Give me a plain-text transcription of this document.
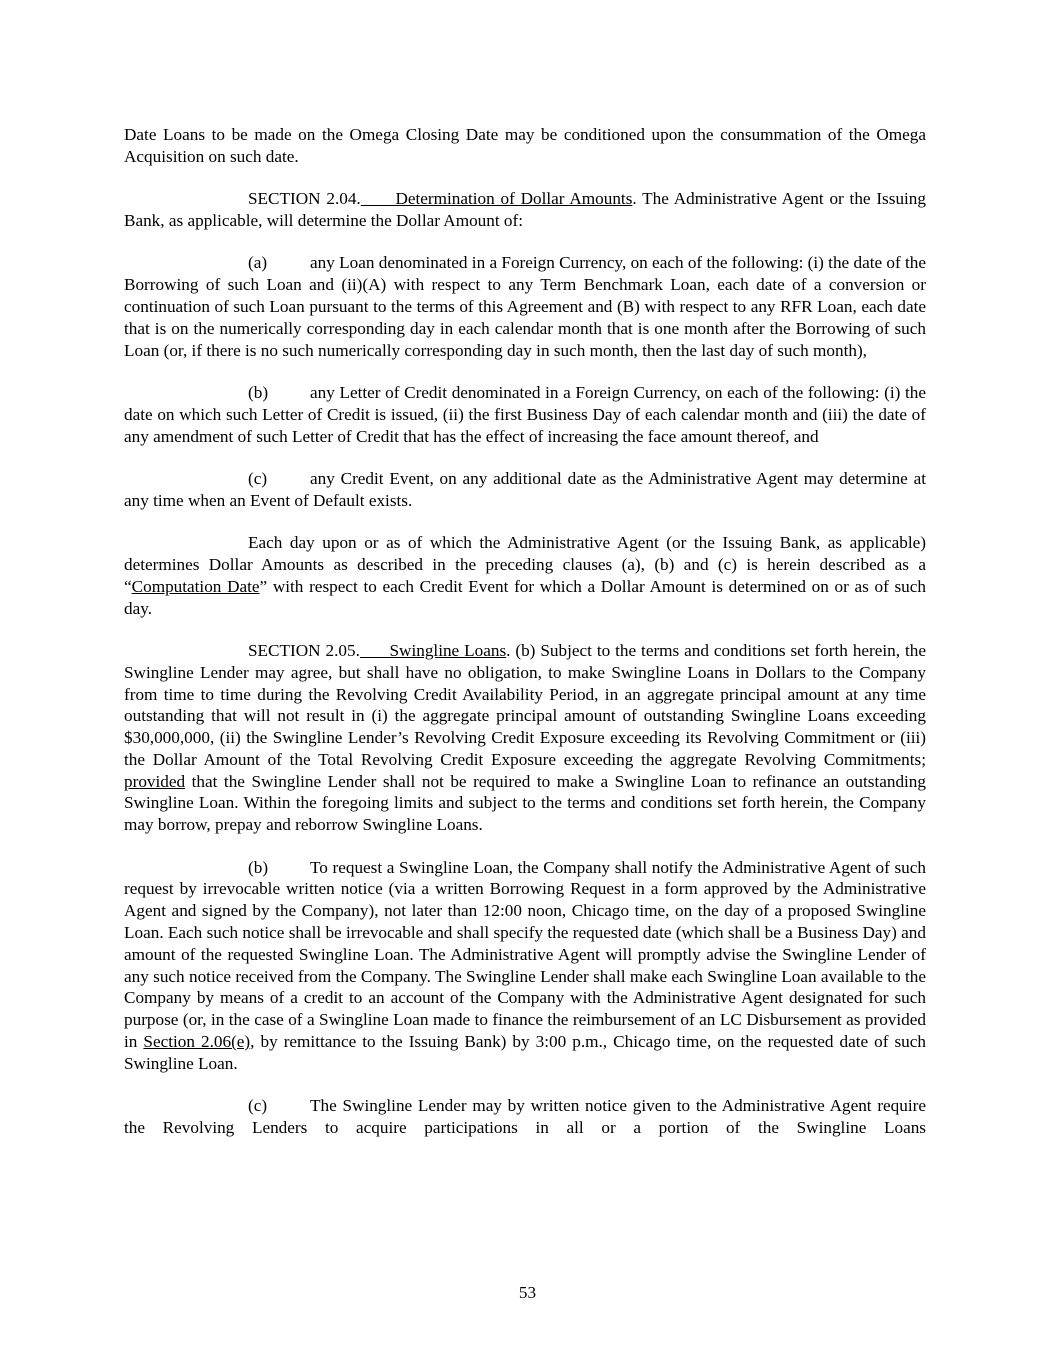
Date Loans to be made on the Omega Closing Date may be conditioned upon the consummation of the Omega Acquisition on such date.

SECTION 2.04. Determination of Dollar Amounts. The Administrative Agent or the Issuing Bank, as applicable, will determine the Dollar Amount of:

(a) any Loan denominated in a Foreign Currency, on each of the following: (i) the date of the Borrowing of such Loan and (ii)(A) with respect to any Term Benchmark Loan, each date of a conversion or continuation of such Loan pursuant to the terms of this Agreement and (B) with respect to any RFR Loan, each date that is on the numerically corresponding day in each calendar month that is one month after the Borrowing of such Loan (or, if there is no such numerically corresponding day in such month, then the last day of such month),

(b) any Letter of Credit denominated in a Foreign Currency, on each of the following: (i) the date on which such Letter of Credit is issued, (ii) the first Business Day of each calendar month and (iii) the date of any amendment of such Letter of Credit that has the effect of increasing the face amount thereof, and

(c) any Credit Event, on any additional date as the Administrative Agent may determine at any time when an Event of Default exists.

Each day upon or as of which the Administrative Agent (or the Issuing Bank, as applicable) determines Dollar Amounts as described in the preceding clauses (a), (b) and (c) is herein described as a “Computation Date” with respect to each Credit Event for which a Dollar Amount is determined on or as of such day.

SECTION 2.05. Swingline Loans. (b) Subject to the terms and conditions set forth herein, the Swingline Lender may agree, but shall have no obligation, to make Swingline Loans in Dollars to the Company from time to time during the Revolving Credit Availability Period, in an aggregate principal amount at any time outstanding that will not result in (i) the aggregate principal amount of outstanding Swingline Loans exceeding $30,000,000, (ii) the Swingline Lender’s Revolving Credit Exposure exceeding its Revolving Commitment or (iii) the Dollar Amount of the Total Revolving Credit Exposure exceeding the aggregate Revolving Commitments; provided that the Swingline Lender shall not be required to make a Swingline Loan to refinance an outstanding Swingline Loan. Within the foregoing limits and subject to the terms and conditions set forth herein, the Company may borrow, prepay and reborrow Swingline Loans.

(b) To request a Swingline Loan, the Company shall notify the Administrative Agent of such request by irrevocable written notice (via a written Borrowing Request in a form approved by the Administrative Agent and signed by the Company), not later than 12:00 noon, Chicago time, on the day of a proposed Swingline Loan. Each such notice shall be irrevocable and shall specify the requested date (which shall be a Business Day) and amount of the requested Swingline Loan. The Administrative Agent will promptly advise the Swingline Lender of any such notice received from the Company. The Swingline Lender shall make each Swingline Loan available to the Company by means of a credit to an account of the Company with the Administrative Agent designated for such purpose (or, in the case of a Swingline Loan made to finance the reimbursement of an LC Disbursement as provided in Section 2.06(e), by remittance to the Issuing Bank) by 3:00 p.m., Chicago time, on the requested date of such Swingline Loan.

(c) The Swingline Lender may by written notice given to the Administrative Agent require the Revolving Lenders to acquire participations in all or a portion of the Swingline Loans

53
